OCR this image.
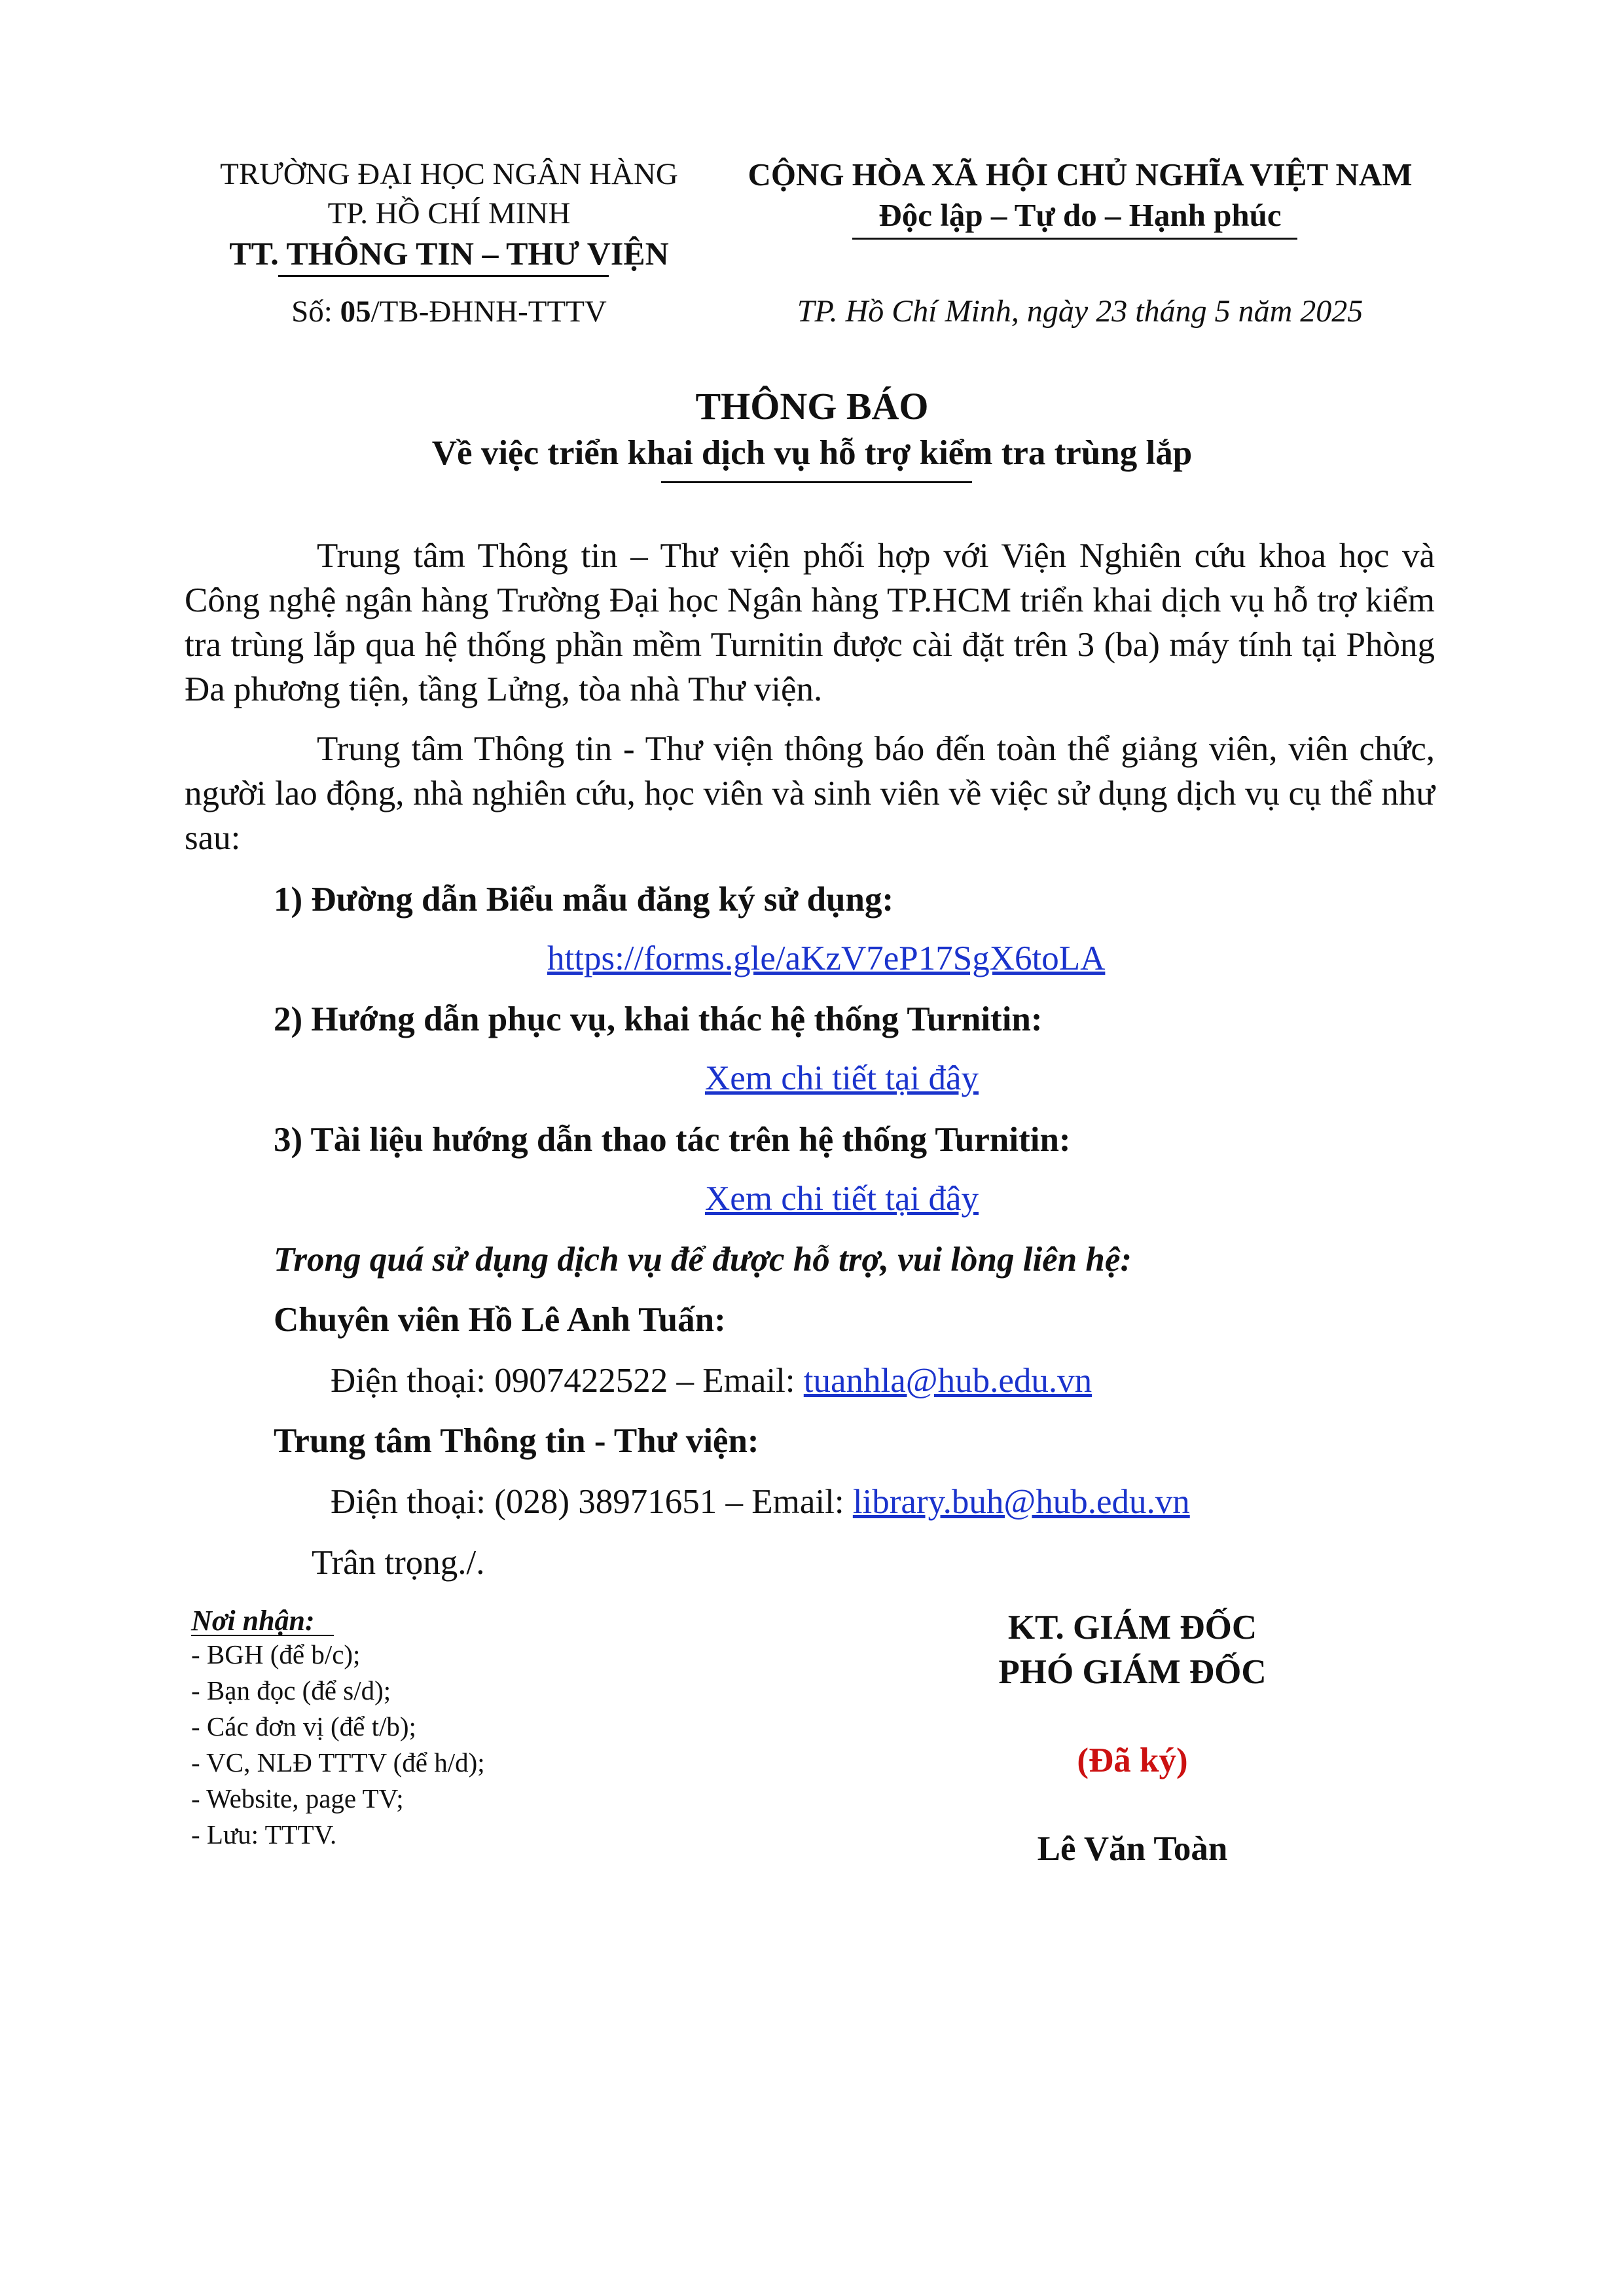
TRƯỜNG ĐẠI HỌC NGÂN HÀNG
TP. HỒ CHÍ MINH
TT. THÔNG TIN – THƯ VIỆN
Số: 05/TB-ĐHNH-TTTV
CỘNG HÒA XÃ HỘI CHỦ NGHĨA VIỆT NAM
Độc lập – Tự do – Hạnh phúc
TP. Hồ Chí Minh, ngày 23 tháng 5 năm 2025
THÔNG BÁO
Về việc triển khai dịch vụ hỗ trợ kiểm tra trùng lắp
Trung tâm Thông tin – Thư viện phối hợp với Viện Nghiên cứu khoa học và Công nghệ ngân hàng Trường Đại học Ngân hàng TP.HCM triển khai dịch vụ hỗ trợ kiểm tra trùng lắp qua hệ thống phần mềm Turnitin được cài đặt trên 3 (ba) máy tính tại Phòng Đa phương tiện, tầng Lửng, tòa nhà Thư viện.
Trung tâm Thông tin - Thư viện thông báo đến toàn thể giảng viên, viên chức, người lao động, nhà nghiên cứu, học viên và sinh viên về việc sử dụng dịch vụ cụ thể như sau:
1) Đường dẫn Biểu mẫu đăng ký sử dụng:
https://forms.gle/aKzV7eP17SgX6toLA
2) Hướng dẫn phục vụ, khai thác hệ thống Turnitin:
Xem chi tiết tại đây
3) Tài liệu hướng dẫn thao tác trên hệ thống Turnitin:
Xem chi tiết tại đây
Trong quá sử dụng dịch vụ để được hỗ trợ, vui lòng liên hệ:
Chuyên viên Hồ Lê Anh Tuấn:
Điện thoại: 0907422522 – Email: tuanhla@hub.edu.vn
Trung tâm Thông tin - Thư viện:
Điện thoại: (028) 38971651 – Email: library.buh@hub.edu.vn
Trân trọng./.
Nơi nhận:
- BGH (để b/c);
- Bạn đọc (để s/d);
- Các đơn vị (để t/b);
- VC, NLĐ TTTV (để h/d);
- Website, page TV;
- Lưu: TTTV.
KT. GIÁM ĐỐC
PHÓ GIÁM ĐỐC
(Đã ký)
Lê Văn Toàn
